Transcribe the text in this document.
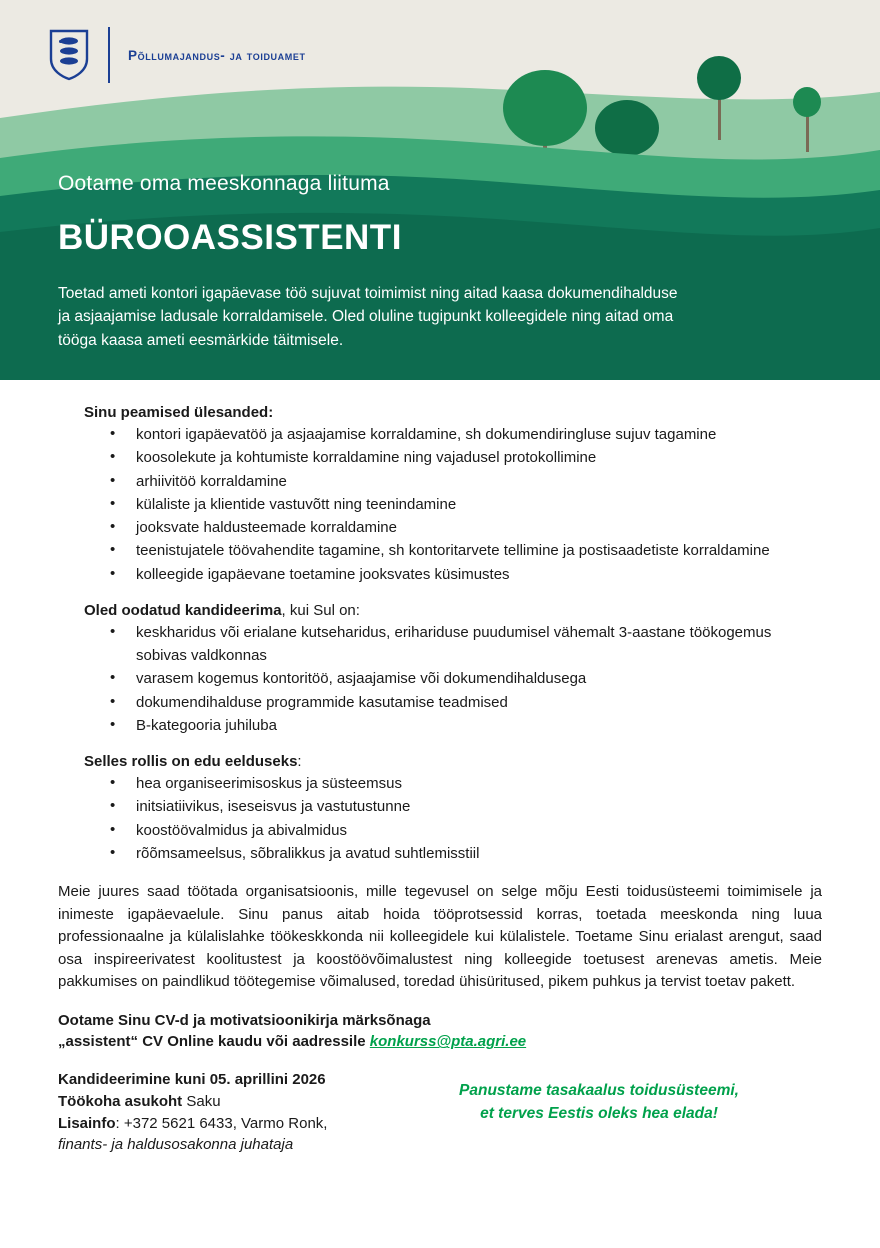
Põllumajandus- ja toiduamet

Ootame oma meeskonnaga liituma

BÜROOASSISTENTI

Toetad ameti kontori igapäevase töö sujuvat toimimist ning aitad kaasa dokumendihalduse ja asjaajamise ladusale korraldamisele. Oled oluline tugipunkt kolleegidele ning aitad oma tööga kaasa ameti eesmärkide täitmisele.

Sinu peamised ülesanded:

• kontori igapäevatöö ja asjaajamise korraldamine, sh dokumendiringluse sujuv tagamine
• koosolekute ja kohtumiste korraldamine ning vajadusel protokollimine
• arhiivitöö korraldamine
• külaliste ja klientide vastuvõtt ning teenindamine
• jooksvate haldusteemade korraldamine
• teenistujatele töövahendite tagamine, sh kontoritarvete tellimine ja postisaadetiste korraldamine
• kolleegide igapäevane toetamine jooksvates küsimustes

Oled oodatud kandideerima, kui Sul on:

• keskharidus või erialane kutseharidus, erihariduse puudumisel vähemalt 3-aastane töökogemus sobivas valdkonnas
• varasem kogemus kontoritöö, asjaajamise või dokumendihaldusega
• dokumendihalduse programmide kasutamise teadmised
• B-kategooria juhiluba

Selles rollis on edu eelduseks:

• hea organiseerimisoskus ja süsteemsus
• initsiatiivikus, iseseisvus ja vastutustunne
• koostöövalmidus ja abivalmidus
• rõõmsameelsus, sõbralikkus ja avatud suhtlemisstiil

Meie juures saad töötada organisatsioonis, mille tegevusel on selge mõju Eesti toidusüsteemi toimimisele ja inimeste igapäevaelule. Sinu panus aitab hoida tööprotsessid korras, toetada meeskonda ning luua professionaalne ja külalislahke töökeskkonda nii kolleegidele kui külalistele. Toetame Sinu erialast arengut, saad osa inspireerivatest koolitustest ja koostöövõimalustest ning kolleegide toetusest arenevas ametis. Meie pakkumises on paindlikud töötegemise võimalused, toredad ühisüritused, pikem puhkus ja tervist toetav pakett.

Ootame Sinu CV-d ja motivatsioonikirja märksõnaga
„assistent“ CV Online kaudu või aadressile konkurss@pta.agri.ee
Kandideerimine kuni 05. aprillini 2026
Töökoha asukoht Saku
Lisainfo: +372 5621 6433, Varmo Ronk,
finants- ja haldusosakonna juhataja
Panustame tasakaalus toidusüsteemi,
et terves Eestis oleks hea elada!
